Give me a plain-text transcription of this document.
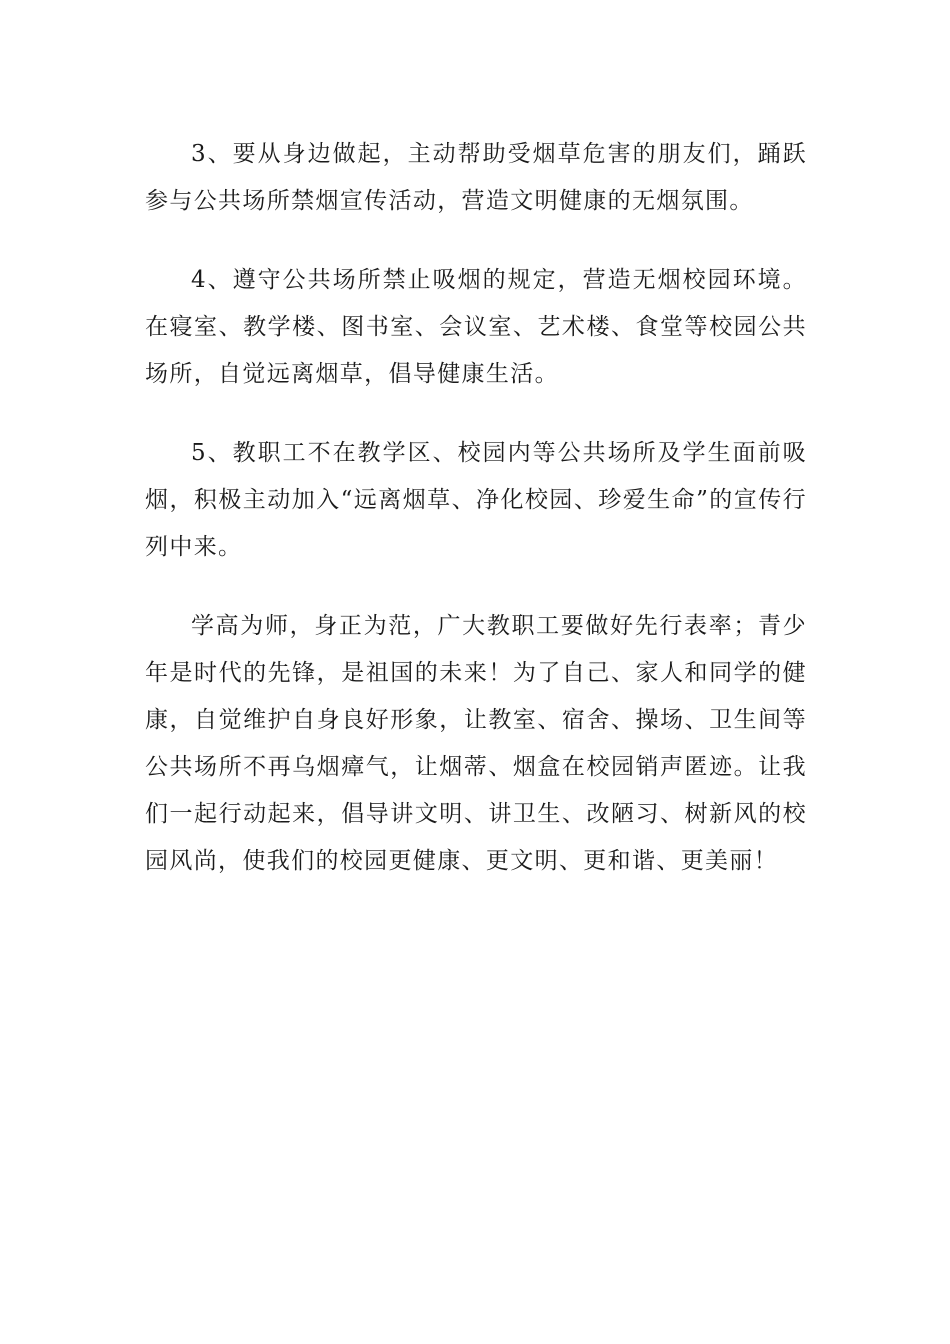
3、要从身边做起，主动帮助受烟草危害的朋友们，踊跃参与公共场所禁烟宣传活动，营造文明健康的无烟氛围。

4、遵守公共场所禁止吸烟的规定，营造无烟校园环境。在寝室、教学楼、图书室、会议室、艺术楼、食堂等校园公共场所，自觉远离烟草，倡导健康生活。

5、教职工不在教学区、校园内等公共场所及学生面前吸烟，积极主动加入“远离烟草、净化校园、珍爱生命”的宣传行列中来。

学高为师，身正为范，广大教职工要做好先行表率；青少年是时代的先锋，是祖国的未来！为了自己、家人和同学的健康，自觉维护自身良好形象，让教室、宿舍、操场、卫生间等公共场所不再乌烟瘴气，让烟蒂、烟盒在校园销声匿迹。让我们一起行动起来，倡导讲文明、讲卫生、改陋习、树新风的校园风尚，使我们的校园更健康、更文明、更和谐、更美丽！
